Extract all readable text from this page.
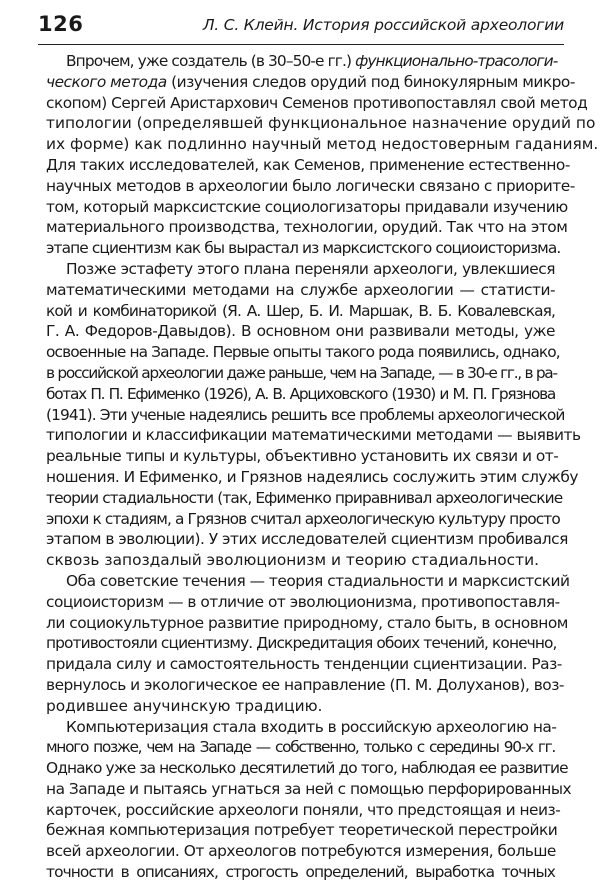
126	Л. С. Клейн. История российской археологии
Впрочем, уже создатель (в 30–50-е гг.) функционально-трасологи-
ческого метода (изучения следов орудий под бинокулярным микро-
скопом) Сергей Аристархович Семенов противопоставлял свой метод
типологии (определявшей функциональное назначение орудий по
их форме) как подлинно научный метод недостоверным гаданиям.
Для таких исследователей, как Семенов, применение естественно-
научных методов в археологии было логически связано с приорите-
том, который марксистские социологизаторы придавали изучению
материального производства, технологии, орудий. Так что на этом
этапе сциентизм как бы вырастал из марксистского социоисторизма.
Позже эстафету этого плана переняли археологи, увлекшиеся
математическими методами на службе археологии — статисти-
кой и комбинаторикой (Я. А. Шер, Б. И. Маршак, В. Б. Ковалевская,
Г. А. Федоров-Давыдов). В основном они развивали методы, уже
освоенные на Западе. Первые опыты такого рода появились, однако,
в российской археологии даже раньше, чем на Западе, — в 30-е гг., в ра-
ботах П. П. Ефименко (1926), А. В. Арциховского (1930) и М. П. Грязнова
(1941). Эти ученые надеялись решить все проблемы археологической
типологии и классификации математическими методами — выявить
реальные типы и культуры, объективно установить их связи и от-
ношения. И Ефименко, и Грязнов надеялись сослужить этим службу
теории стадиальности (так, Ефименко приравнивал археологические
эпохи к стадиям, а Грязнов считал археологическую культуру просто
этапом в эволюции). У этих исследователей сциентизм пробивался
сквозь запоздалый эволюционизм и теорию стадиальности.
Оба советские течения — теория стадиальности и марксистский
социоисторизм — в отличие от эволюционизма, противопоставля-
ли социокультурное развитие природному, стало быть, в основном
противостояли сциентизму. Дискредитация обоих течений, конечно,
придала силу и самостоятельность тенденции сциентизации. Раз-
вернулось и экологическое ее направление (П. М. Долуханов), воз-
родившее анучинскую традицию.
Компьютеризация стала входить в российскую археологию на-
много позже, чем на Западе — собственно, только с середины 90-х гг.
Однако уже за несколько десятилетий до того, наблюдая ее развитие
на Западе и пытаясь угнаться за ней с помощью перфорированных
карточек, российские археологи поняли, что предстоящая и неиз-
бежная компьютеризация потребует теоретической перестройки
всей археологии. От археологов потребуются измерения, больше
точности в описаниях, строгость определений, выработка точных
